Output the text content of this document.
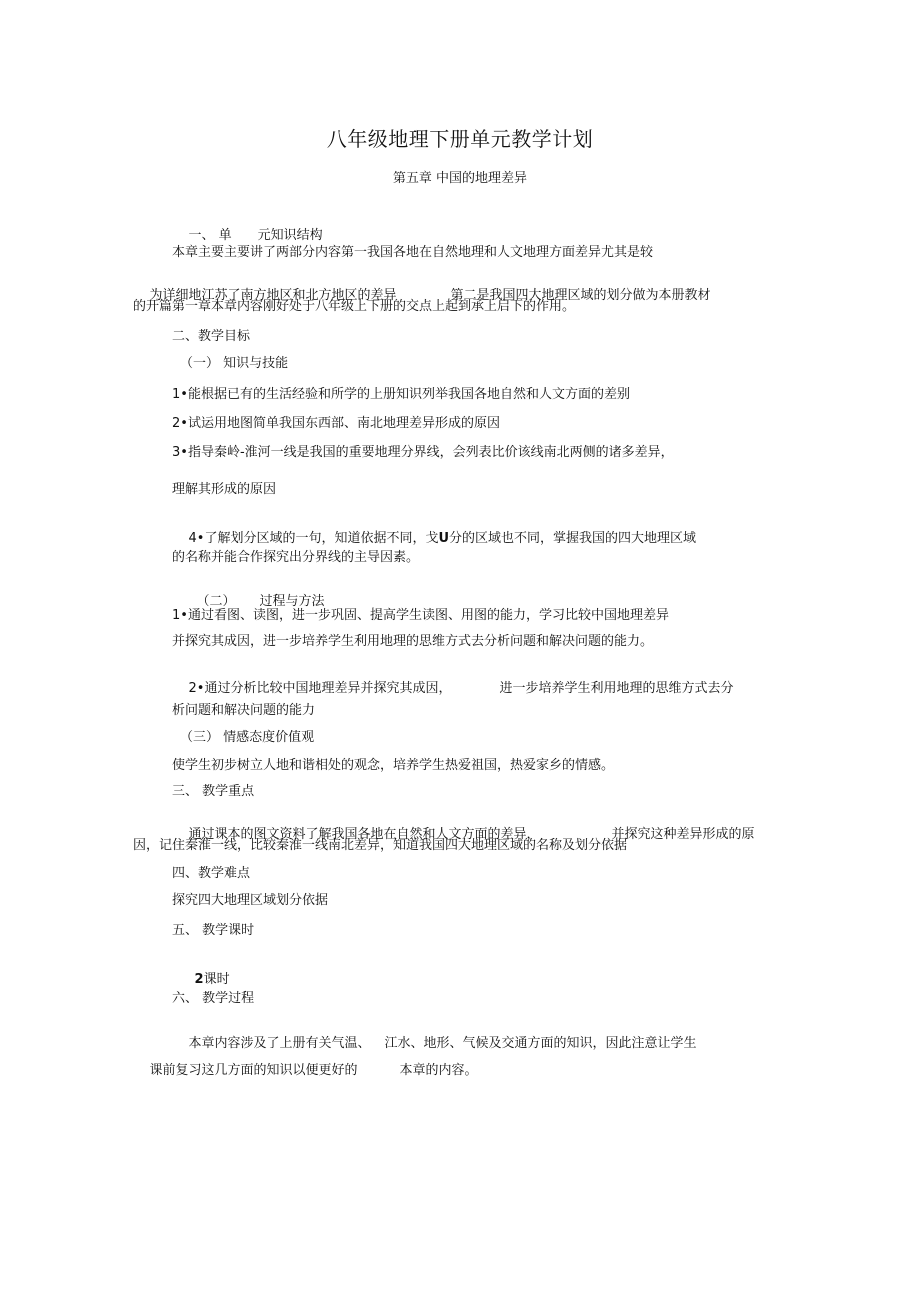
八年级地理下册单元教学计划
第五章 中国的地理差异

一、 单 元知识结构

本章主要主要讲了两部分内容第一我国各地在自然地理和人文地理方面差异尤其是较

为详细地江苏了南方地区和北方地区的差异	第二是我国四大地理区域的划分做为本册教材

的开篇第一章本章内容刚好处于八年级上下册的交点上起到承上启下的作用。
二、教学目标
（一） 知识与技能
1•能根据已有的生活经验和所学的上册知识列举我国各地自然和人文方面的差别
2•试运用地图简单我国东西部、南北地理差异形成的原因
3•指导秦岭-淮河一线是我国的重要地理分界线，会列表比价该线南北两侧的诸多差异，
理解其形成的原因

4•了解划分区域的一句，知道依据不同，戈U分的区域也不同，掌握我国的四大地理区域

的名称并能合作探究出分界线的主导因素。

（二） 过程与方法

1•通过看图、读图，进一步巩固、提高学生读图、用图的能力，学习比较中国地理差异
并探究其成因，进一步培养学生利用地理的思维方式去分析问题和解决问题的能力。

2•通过分析比较中国地理差异并探究其成因，	进一步培养学生利用地理的思维方式去分

析问题和解决问题的能力
（三） 情感态度价值观
使学生初步树立人地和谐相处的观念，培养学生热爱祖国，热爱家乡的情感。
三、 教学重点

通过课本的图文资料了解我国各地在自然和人文方面的差异，	并探究这种差异形成的原

因，记住秦淮一线，比较秦淮一线南北差异，知道我国四大地理区域的名称及划分依据
四、教学难点
探究四大地理区域划分依据
五、 教学课时

2课时

六、 教学过程

本章内容涉及了上册有关气温、 江水、地形、气候及交通方面的知识，因此注意让学生

课前复习这几方面的知识以便更好的	本章的内容。
